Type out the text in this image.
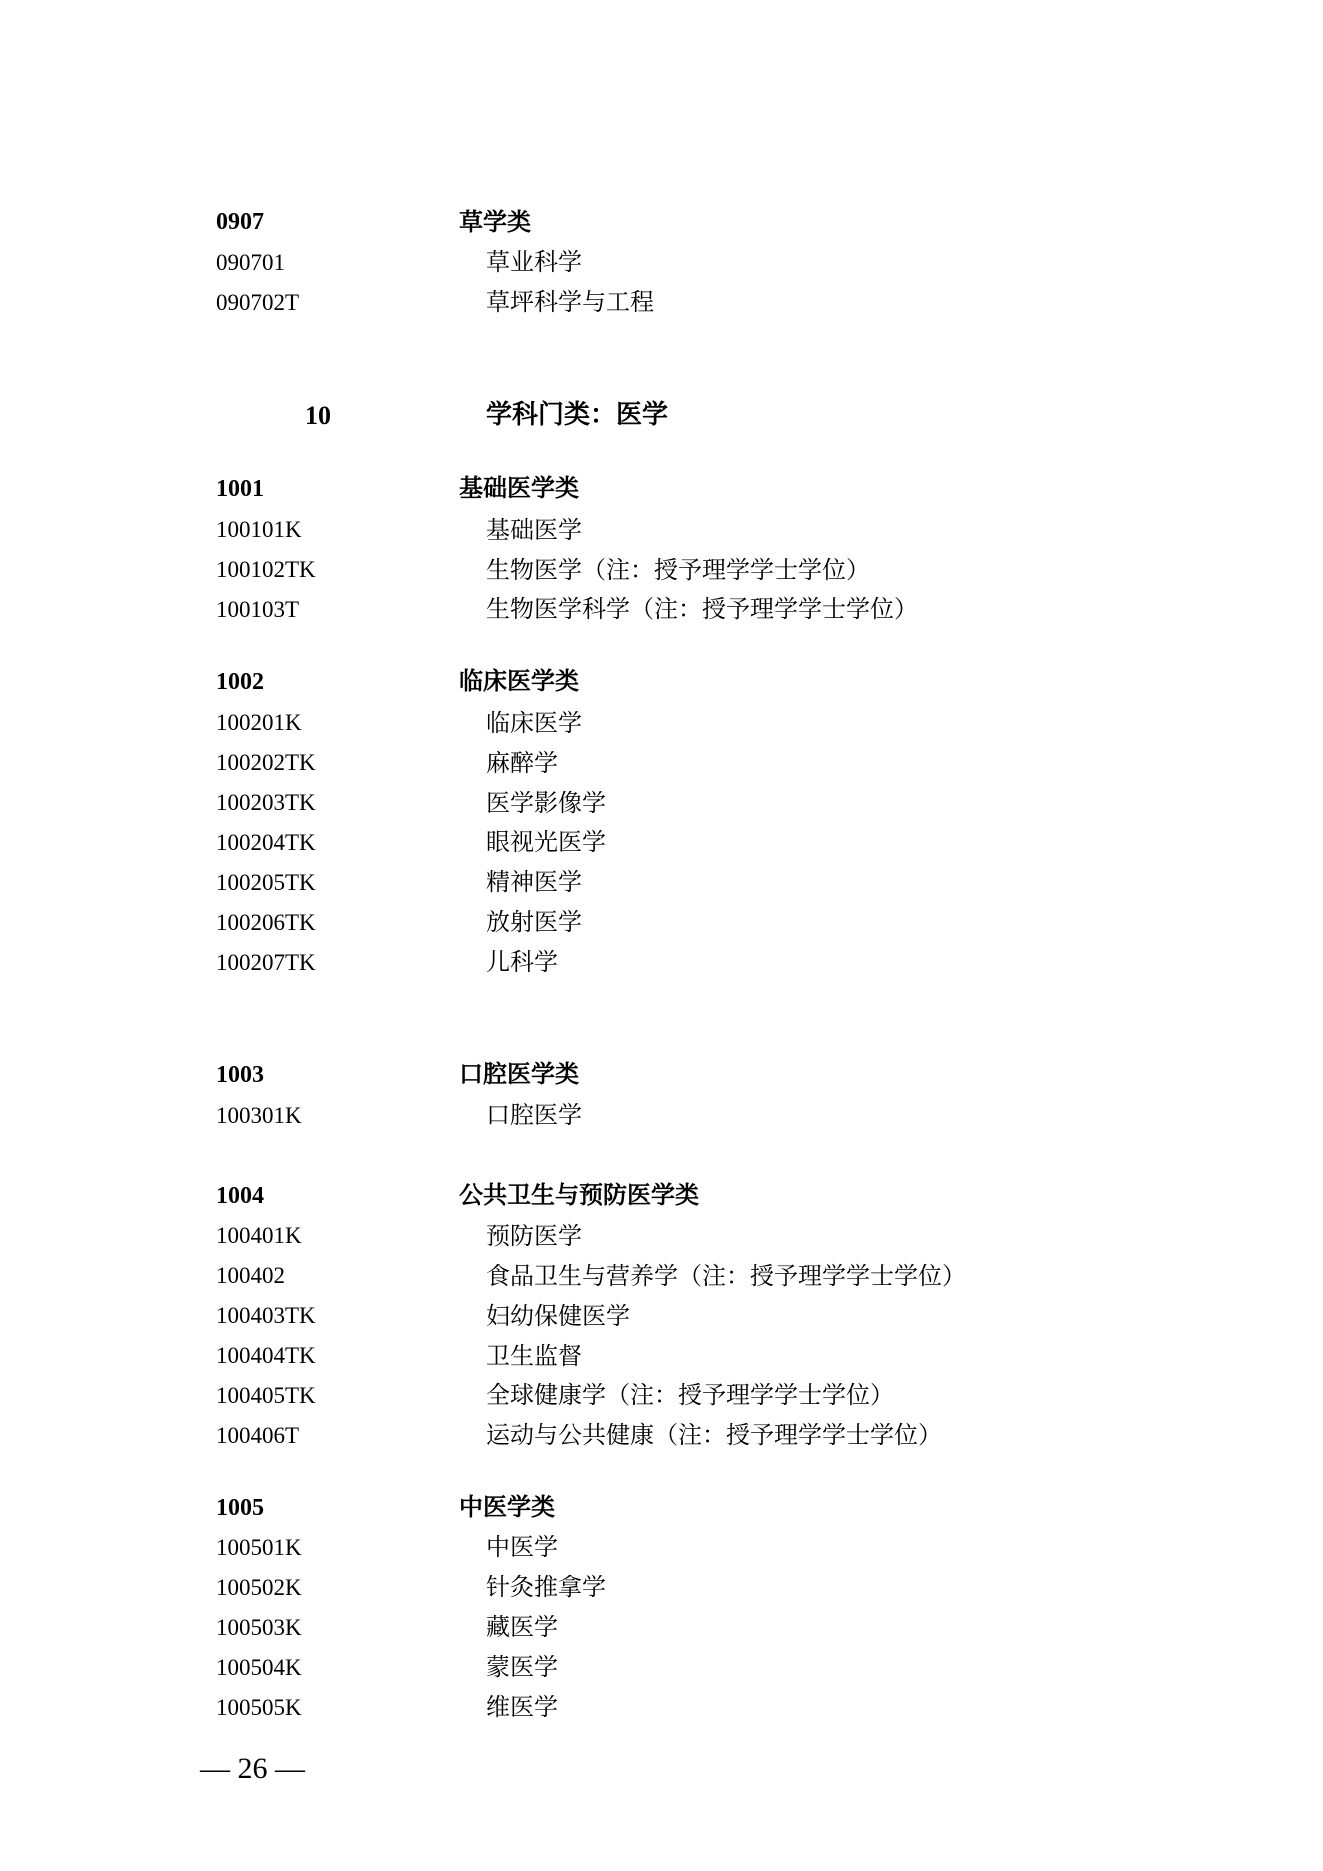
0907	草学类
090701	草业科学
090702T	草坪科学与工程
10	学科门类：医学
1001	基础医学类
100101K	基础医学
100102TK	生物医学（注：授予理学学士学位）
100103T	生物医学科学（注：授予理学学士学位）
1002	临床医学类
100201K	临床医学
100202TK	麻醉学
100203TK	医学影像学
100204TK	眼视光医学
100205TK	精神医学
100206TK	放射医学
100207TK	儿科学
1003	口腔医学类
100301K	口腔医学
1004	公共卫生与预防医学类
100401K	预防医学
100402	食品卫生与营养学（注：授予理学学士学位）
100403TK	妇幼保健医学
100404TK	卫生监督
100405TK	全球健康学（注：授予理学学士学位）
100406T	运动与公共健康（注：授予理学学士学位）
1005	中医学类
100501K	中医学
100502K	针灸推拿学
100503K	藏医学
100504K	蒙医学
100505K	维医学
— 26 —
